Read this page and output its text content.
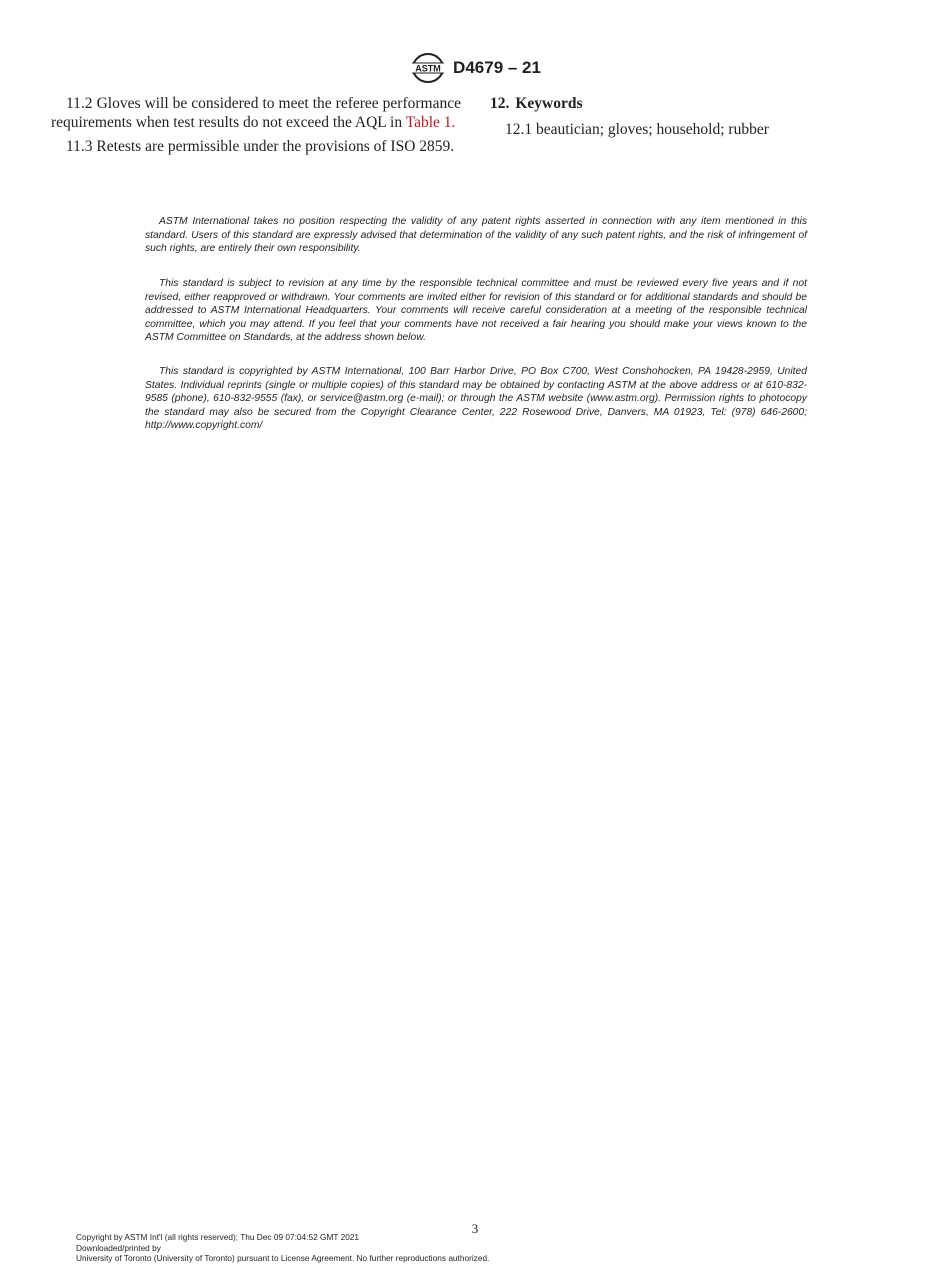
ASTM D4679 – 21

11.2 Gloves will be considered to meet the referee performance requirements when test results do not exceed the AQL in Table 1.

11.3 Retests are permissible under the provisions of ISO 2859.

12. Keywords

12.1 beautician; gloves; household; rubber

ASTM International takes no position respecting the validity of any patent rights asserted in connection with any item mentioned in this standard. Users of this standard are expressly advised that determination of the validity of any such patent rights, and the risk of infringement of such rights, are entirely their own responsibility.

This standard is subject to revision at any time by the responsible technical committee and must be reviewed every five years and if not revised, either reapproved or withdrawn. Your comments are invited either for revision of this standard or for additional standards and should be addressed to ASTM International Headquarters. Your comments will receive careful consideration at a meeting of the responsible technical committee, which you may attend. If you feel that your comments have not received a fair hearing you should make your views known to the ASTM Committee on Standards, at the address shown below.

This standard is copyrighted by ASTM International, 100 Barr Harbor Drive, PO Box C700, West Conshohocken, PA 19428-2959, United States. Individual reprints (single or multiple copies) of this standard may be obtained by contacting ASTM at the above address or at 610-832-9585 (phone), 610-832-9555 (fax), or service@astm.org (e-mail); or through the ASTM website (www.astm.org). Permission rights to photocopy the standard may also be secured from the Copyright Clearance Center, 222 Rosewood Drive, Danvers, MA 01923, Tel: (978) 646-2600; http://www.copyright.com/

3
Copyright by ASTM Int'l (all rights reserved); Thu Dec 09 07:04:52 GMT 2021
Downloaded/printed by
University of Toronto (University of Toronto) pursuant to License Agreement. No further reproductions authorized.
